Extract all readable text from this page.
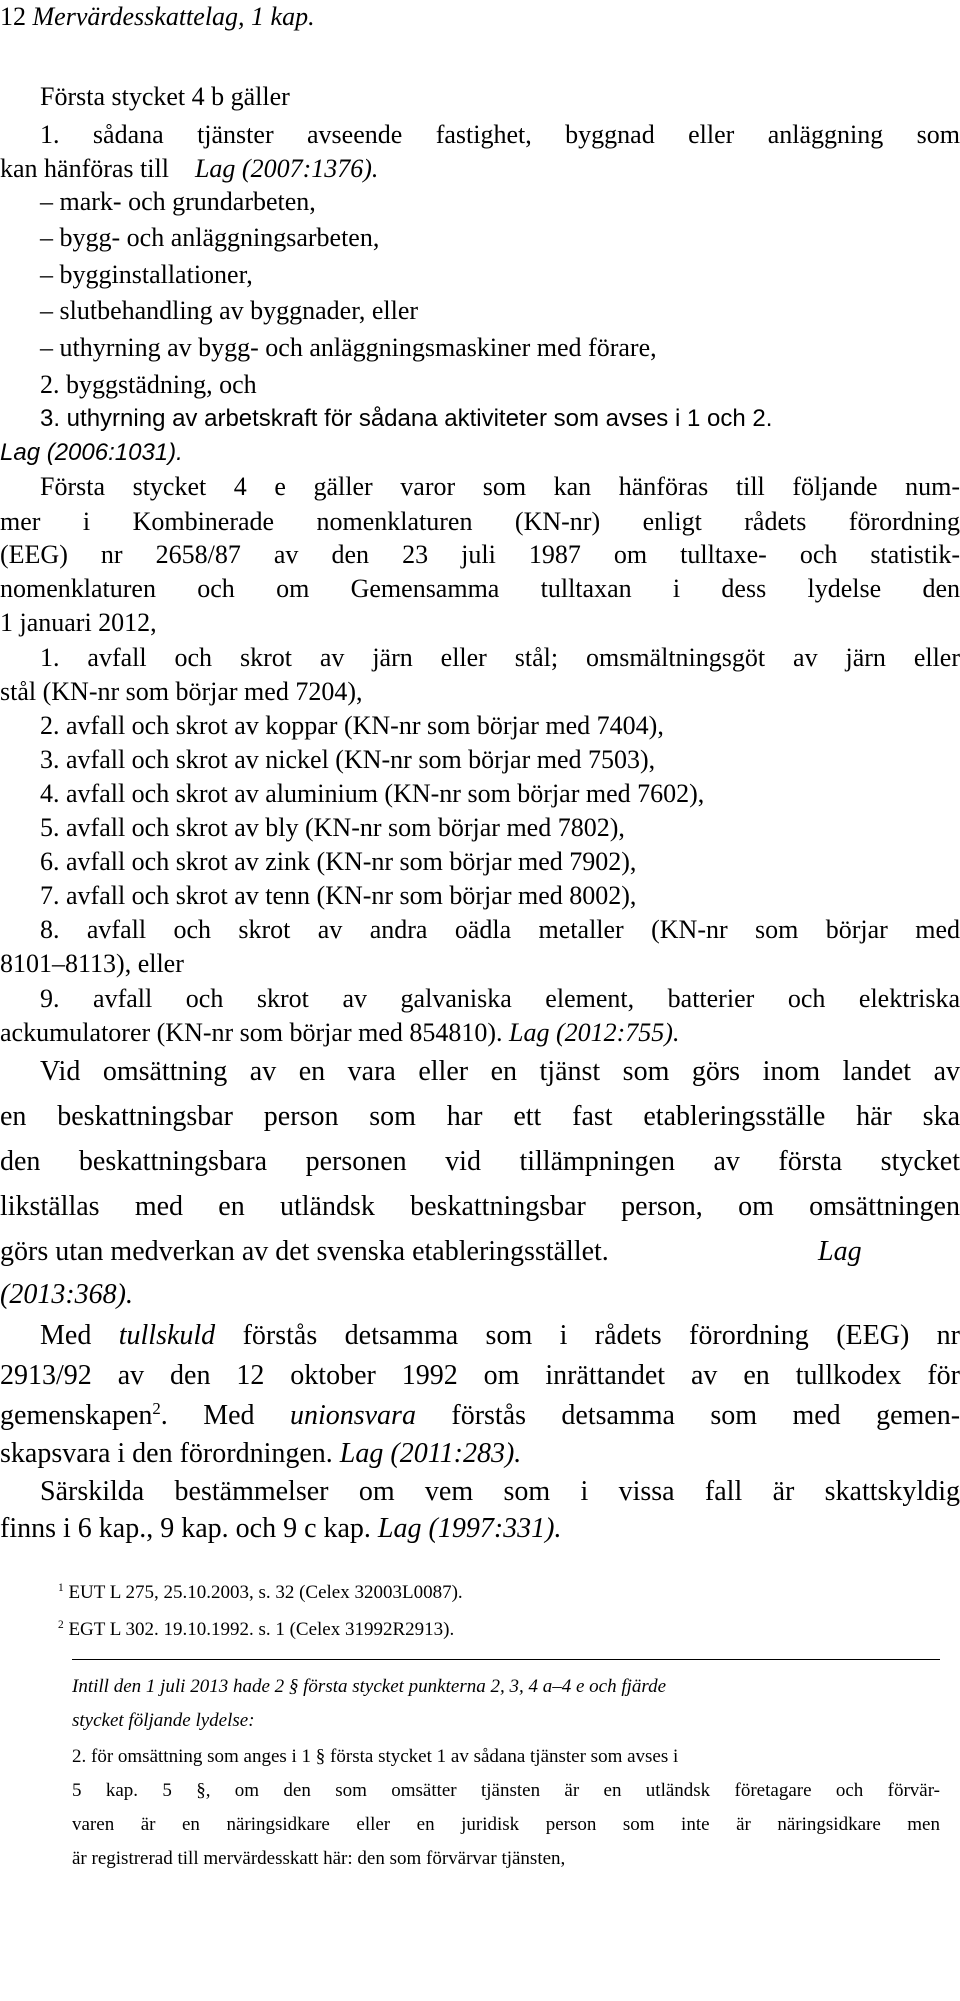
12 Mervärdesskattelag, 1 kap.
Första stycket 4 b gäller
1. sådana tjänster avseende fastighet, byggnad eller anläggning som
kan hänföras till Lag (2007:1376).
– mark- och grundarbeten,
– bygg- och anläggningsarbeten,
– bygginstallationer,
– slutbehandling av byggnader, eller
– uthyrning av bygg- och anläggningsmaskiner med förare,
2. byggstädning, och
3. uthyrning av arbetskraft för sådana aktiviteter som avses i 1 och 2.
Lag (2006:1031).
Första stycket 4 e gäller varor som kan hänföras till följande num-
mer i Kombinerade nomenklaturen (KN-nr) enligt rådets förordning
(EEG) nr 2658/87 av den 23 juli 1987 om tulltaxe- och statistik-
nomenklaturen och om Gemensamma tulltaxan i dess lydelse den
1 januari 2012,
1. avfall och skrot av järn eller stål; omsmältningsgöt av järn eller
stål (KN-nr som börjar med 7204),
2. avfall och skrot av koppar (KN-nr som börjar med 7404),
3. avfall och skrot av nickel (KN-nr som börjar med 7503),
4. avfall och skrot av aluminium (KN-nr som börjar med 7602),
5. avfall och skrot av bly (KN-nr som börjar med 7802),
6. avfall och skrot av zink (KN-nr som börjar med 7902),
7. avfall och skrot av tenn (KN-nr som börjar med 8002),
8. avfall och skrot av andra oädla metaller (KN-nr som börjar med
8101–8113), eller
9. avfall och skrot av galvaniska element, batterier och elektriska
ackumulatorer (KN-nr som börjar med 854810). Lag (2012:755).
Vid omsättning av en vara eller en tjänst som görs inom landet av
en beskattningsbar person som har ett fast etableringsställe här ska
den beskattningsbara personen vid tillämpningen av första stycket
likställas med en utländsk beskattningsbar person, om omsättningen
görs utan medverkan av det svenska etableringsstället.	Lag
(2013:368).
Med tullskuld förstås detsamma som i rådets förordning (EEG) nr
2913/92 av den 12 oktober 1992 om inrättandet av en tullkodex för
gemenskapen$^2$. Med unionsvara förstås detsamma som med gemen-
skapsvara i den förordningen. Lag (2011:283).
Särskilda bestämmelser om vem som i vissa fall är skattskyldig
finns i 6 kap., 9 kap. och 9 c kap. Lag (1997:331).
$^1$ EUT L 275, 25.10.2003, s. 32 (Celex 32003L0087).
$^2$ EGT L 302. 19.10.1992. s. 1 (Celex 31992R2913).
Intill den 1 juli 2013 hade 2 § första stycket punkterna 2, 3, 4 a–4 e och fjärde
stycket följande lydelse:
2. för omsättning som anges i 1 § första stycket 1 av sådana tjänster som avses i
5 kap. 5 §, om den som omsätter tjänsten är en utländsk företagare och förvär-
varen är en näringsidkare eller en juridisk person som inte är näringsidkare men
är registrerad till mervärdesskatt här: den som förvärvar tjänsten,
